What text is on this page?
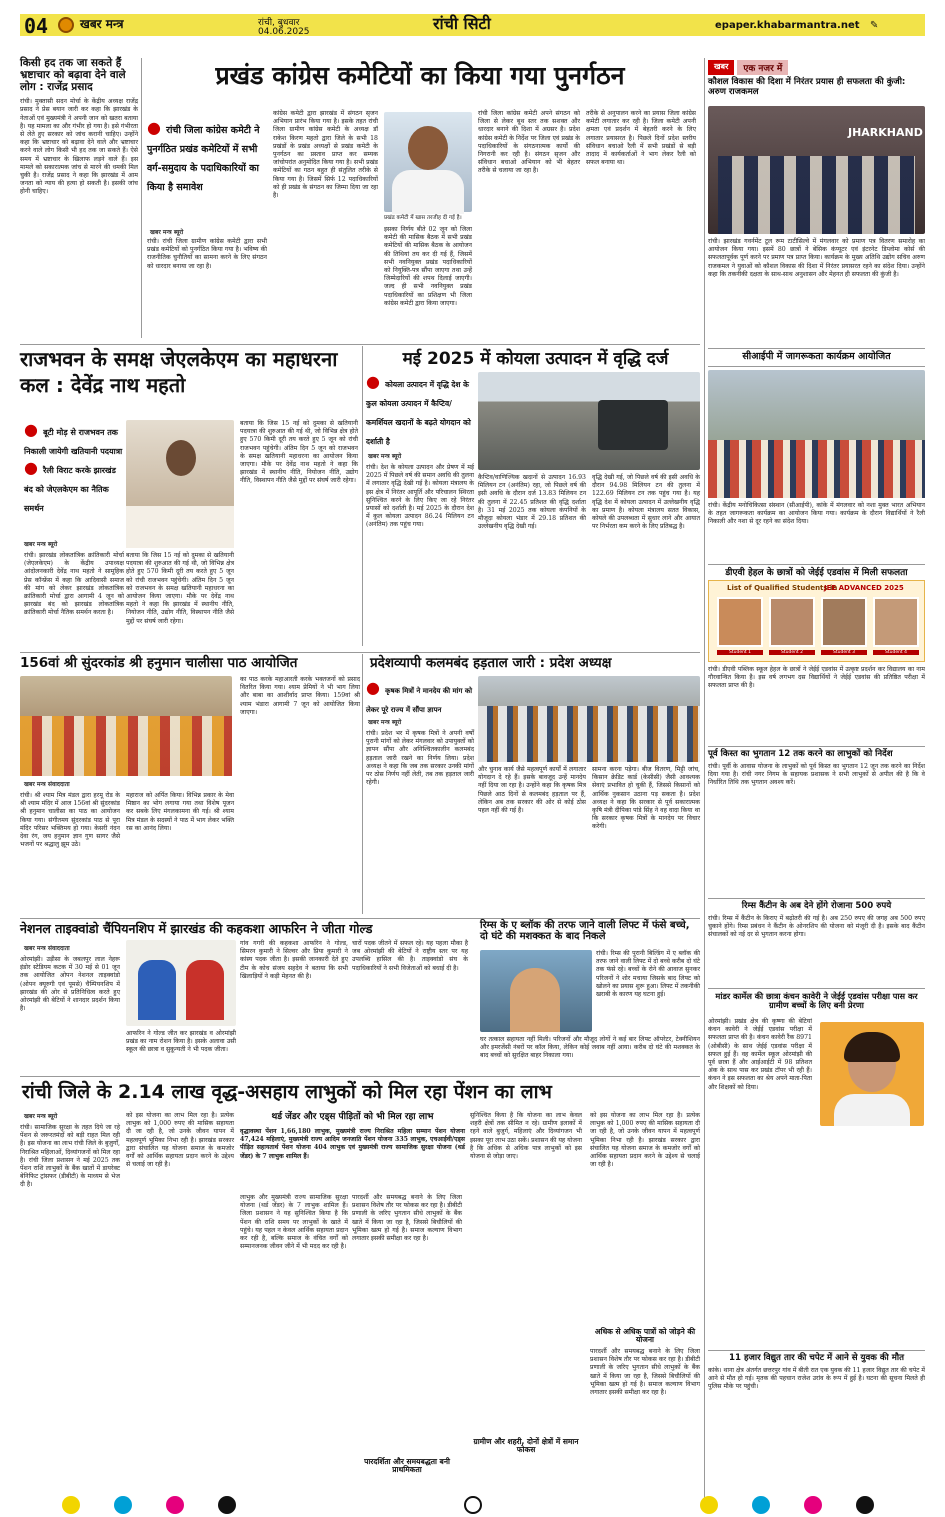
04	खबर मन्त्र	रांची, बुधवार
04.06.2025	रांची सिटी	epaper.khabarmantra.net ✎
किसी हद तक जा सकते हैं भ्रष्टाचार को बढ़ावा देने वाले लोग : राजेंद्र प्रसाद
रांची। मुक्तासी सदन मोर्चा के केंद्रीय अध्यक्ष राजेंद्र प्रसाद ने प्रेस बयान जारी कर कहा कि झारखंड के नेताओं एवं मुख्यमंत्री ने अपनी जान को खतरा बताया है। यह मामला का और गंभीर हो गया है। इसे गंभीरता से लेते हुए सरकार को जांच करानी चाहिए। उन्होंने कहा कि भ्रष्टाचार को बढ़ावा देने वाले और भ्रष्टाचार करने वाले लोग किसी भी हद तक जा सकते हैं। ऐसे समय में भ्रष्टाचार के खिलाफ लड़ने वाले हैं। इस मामले को सकारात्मक जांच से मारने की धमकी मिल चुकी है। राजेंद्र प्रसाद ने कहा कि झारखंड में आम जनता को न्याय की हत्या हो सकती है। इसकी जांच होनी चाहिए।
प्रखंड कांग्रेस कमेटियों का किया गया पुनर्गठन
● रांची जिला कांग्रेस कमेटी ने पुनर्गठित प्रखंड कमेटियों में सभी वर्ग-समुदाय के पदाधिकारियों का किया है समावेश
खबर मन्त्र ब्यूरो
रांची। रांची जिला ग्रामीण कांग्रेस कमेटी द्वारा सभी प्रखंड कमेटियों को पुनर्गठित किया गया है। भविष्य की राजनीतिक चुनौतियों का सामना करने के लिए संगठन को धारदार बनाया जा रहा है।
कांग्रेस कमेटी द्वारा झारखंड में संगठन सृजन अभियान प्रारंभ किया गया है। इसके तहत रांची जिला ग्रामीण कांग्रेस कमेटी के अध्यक्ष डॉ राकेश किरण महतो द्वारा जिले के सभी 18 प्रखंडों के प्रखंड अध्यक्षों से प्रखंड कमेटी के पुनर्गठन का प्रस्ताव प्राप्त कर सम्यक जांचोपरांत अनुमोदित किया गया है। सभी प्रखंड कमेटियों का गठन बहुत ही संतुलित तरीके से किया गया है। जिसमें सिर्फ 12 पदाधिकारियों को ही प्रखंड के संगठन का जिम्मा दिया जा रहा है।
प्रखंड कमेटी में खास तरजीह दी गई है।
इसका निर्णय बीते 02 जून को जिला कमेटी की मासिक बैठक में सभी प्रखंड कमेटियों की मासिक बैठक के आयोजन की तिथियां तय कर दी गई हैं, जिसमें सभी नवनियुक्त प्रखंड पदाधिकारियों को नियुक्ति-पत्र सौंपा जाएगा तथा उन्हें जिम्मेदारियों की शपथ दिलाई जाएगी। जल्द ही सभी नवनियुक्त प्रखंड पदाधिकारियों का प्रशिक्षण भी जिला कांग्रेस कमेटी द्वारा किया जाएगा।
रांची जिला कांग्रेस कमेटी अपने संगठन को जिला से लेकर बूथ स्तर तक सशक्त और धारदार बनाने की दिशा में अग्रसर है। प्रदेश कांग्रेस कमेटी के निर्देश पर जिला एवं प्रखंड के पदाधिकारियों के संगठनात्मक कार्यों की निगरानी कर रही है। संगठन सृजन और संविधान बचाओ अभियान को भी बेहतर तरीके से चलाया जा रहा है।
तरीके से अनुपालन करने का प्रयास जिला कांग्रेस कमेटी लगातार कर रही है। जिला कमेटी अपनी क्षमता एवं प्रदर्शन में बेहतरी करने के लिए लगातार प्रयासरत है। पिछले दिनों प्रदेश स्तरीय संविधान बचाओ रैली में सभी प्रखंडों से बड़ी तादाद में कार्यकर्ताओं ने भाग लेकर रैली को सफल बनाया था।
खबर	एक नजर में
कौशल विकास की दिशा में निरंतर प्रयास ही सफलता की कुंजी: अरुण राजकमल
JHARKHAND
रांची। झारखंड गवर्नमेंट टूल रूम टाटीसिल्वे में मंगलवार को प्रमाण पत्र वितरण समारोह का आयोजन किया गया। इसमें 80 छात्रों ने बेसिक कंप्यूटर एवं इंटरनेट डिप्लोमा कोर्स की सफलतापूर्वक पूर्ण करने पर प्रमाण पत्र प्राप्त किया। कार्यक्रम के मुख्य अतिथि उद्योग सचिव अरुण राजकमल ने युवाओं को कौशल विकास की दिशा में निरंतर प्रयासरत रहने का संदेश दिया। उन्होंने कहा कि तकनीकी दक्षता के साथ-साथ अनुशासन और मेहनत ही सफलता की कुंजी है।
सीआईपी में जागरूकता कार्यक्रम आयोजित
रांची। केंद्रीय मनोचिकित्सा संस्थान (सीआईपी), कांके में मंगलवार को नशा मुक्त भारत अभियान के तहत जागरूकता कार्यक्रम का आयोजन किया गया। कार्यक्रम के दौरान विद्यार्थियों ने रैली निकाली और नशा से दूर रहने का संदेश दिया।
डीएवी हेहल के छात्रों को जेईई एडवांस में मिली सफलता
List of Qualified Students in
JEE ADVANCED 2025
Student 1	Student 2	Student 3	Student 4
रांची। डीएवी पब्लिक स्कूल हेहल के छात्रों ने जेईई एडवांस में उत्कृष्ट प्रदर्शन कर विद्यालय का नाम गौरवान्वित किया है। इस वर्ष लगभग दस विद्यार्थियों ने जेईई एडवांस की प्रतिष्ठित परीक्षा में सफलता प्राप्त की है।
पूर्व किस्त का भुगतान 12 तक करने का लाभुकों को निर्देश
रांची। पूर्वी के आवास योजना के लाभुकों को पूर्व किस्त का भुगतान 12 जून तक करने का निर्देश दिया गया है। रांची नगर निगम के सहायक प्रशासक ने सभी लाभुकों से अपील की है कि वे निर्धारित तिथि तक भुगतान अवश्य करें।
रिम्स कैंटीन के अब देने होंगे रोजाना 500 रुपये
रांची। रिम्स में कैंटीन के किराए में बढ़ोतरी की गई है। अब 250 रुपए की जगह अब 500 रुपए चुकाने होंगे। रिम्स प्रबंधन ने कैंटीन के ओनरशिप की योजना को मंजूरी दी है। इसके बाद कैंटीन संचालकों को नई दर से भुगतान करना होगा।
मांडर कार्मेल की छात्रा कंचन कावेरी ने जेईई एडवांस परीक्षा पास कर ग्रामीण बच्चों के लिए बनी प्रेरणा
ओरमांझी। प्रखंड क्षेत्र की कृष्णा की बेटियां कंचन कावेरी ने जेईई एडवांस परीक्षा में सफलता प्राप्त की है। कंचन कावेरी रैंक 8971 (ओबीसी) के साथ जेईई एडवांस परीक्षा में सफल हुई हैं। वह कार्मेल स्कूल ओरमांझी की पूर्व छात्रा हैं और आईआईटी में 98 प्रतिशत अंक के साथ पास कर प्रखंड टॉपर भी रही हैं। कंचन ने इस सफलता का श्रेय अपने माता-पिता और शिक्षकों को दिया।
11 हजार विद्युत तार की चपेट में आने से युवक की मौत
कांके। थाना क्षेत्र अंतर्गत छत्तरपुर गांव में बीती रात एक युवक की 11 हजार विद्युत तार की चपेट में आने से मौत हो गई। मृतक की पहचान राजेश उरांव के रूप में हुई है। घटना की सूचना मिलते ही पुलिस मौके पर पहुंची।
राजभवन के समक्ष जेएलकेएम का महाधरना कल : देवेंद्र नाथ महतो
● बूटी मोड़ से राजभवन तक निकाली जायेगी खतियानी पदयात्रा
● रैली विराट करके झारखंड बंद को जेएलकेएम का नैतिक समर्थन
खबर मन्त्र ब्यूरो
रांची। झारखंड लोकतांत्रिक क्रांतिकारी मोर्चा (जेएलकेएम) के केंद्रीय उपाध्यक्ष आंदोलनकारी देवेंद्र नाथ महतो ने सामूहिक प्रेस कॉन्फ्रेंस में कहा कि आदिवासी समाज की मांग को लेकर झारखंड लोकतांत्रिक क्रांतिकारी मोर्चा द्वारा आगामी 4 जून को झारखंड बंद को झारखंड लोकतांत्रिक क्रांतिकारी मोर्चा नैतिक समर्थन करता है।
बताया कि जिस 15 नई को दुमका से खतियानी पदयात्रा की शुरुआत की गई थी, जो विभिन्न क्षेत्र होते हुए 570 किमी दूरी तय करते हुए 5 जून को रांची राजभवन पहुंचेगी। अंतिम दिन 5 जून को राजभवन के समक्ष खतियानी महाधरना का आयोजन किया जाएगा। मौके पर देवेंद्र नाथ महतो ने कहा कि झारखंड में स्थानीय नीति, नियोजन नीति, उद्योग नीति, विस्थापन नीति जैसे मुद्दों पर संघर्ष जारी रहेगा।
बताया कि जिस 15 नई को दुमका से खतियानी पदयात्रा की शुरुआत की गई थी, जो विभिन्न क्षेत्र होते हुए 570 किमी दूरी तय करते हुए 5 जून को रांची राजभवन पहुंचेगी। अंतिम दिन 5 जून को राजभवन के समक्ष खतियानी महाधरना का आयोजन किया जाएगा। मौके पर देवेंद्र नाथ महतो ने कहा कि झारखंड में स्थानीय नीति, नियोजन नीति, उद्योग नीति, विस्थापन नीति जैसे मुद्दों पर संघर्ष जारी रहेगा।
मई 2025 में कोयला उत्पादन में वृद्धि दर्ज
● कोयला उत्पादन में वृद्धि देश के कुल कोयला उत्पादन में कैप्टिव/कमर्शियल खदानों के बढ़ते योगदान को दर्शाती है
खबर मन्त्र ब्यूरो
रांची। देश के कोयला उत्पादन और प्रेषण में मई 2025 में पिछले वर्ष की समान अवधि की तुलना में लगातार वृद्धि देखी गई है। कोयला मंत्रालय के इस क्षेत्र में निरंतर आपूर्ति और परिचालन स्थिरता सुनिश्चित करने के लिए किए जा रहे निरंतर प्रयासों को दर्शाती है। मई 2025 के दौरान देश में कुल कोयला उत्पादन 86.24 मिलियन टन (अनंतिम) तक पहुंच गया।
कैप्टिव/वाणिज्यिक खदानों से उत्पादन 16.93 मिलियन टन (अनंतिम) रहा, जो पिछले वर्ष की इसी अवधि के दौरान दर्ज 13.83 मिलियन टन की तुलना में 22.45 प्रतिशत की वृद्धि दर्शाता है। 31 मई 2025 तक कोयला कंपनियों के मौजूदा कोयला भंडार में 29.18 प्रतिशत की उल्लेखनीय वृद्धि देखी गई।
वृद्धि देखी गई, जो पिछले वर्ष की इसी अवधि के दौरान 94.98 मिलियन टन की तुलना में 122.69 मिलियन टन तक पहुंच गया है। यह वृद्धि देश में कोयला उत्पादन में उल्लेखनीय वृद्धि का प्रमाण है। कोयला मंत्रालय सतत विकास, कोयले की उपलब्धता में सुधार लाने और आयात पर निर्भरता कम करने के लिए प्रतिबद्ध है।
156वां श्री सुंदरकांड श्री हनुमान चालीसा पाठ आयोजित
खबर मन्त्र संवाददाता
रांची। श्री श्याम मित्र मंडल द्वारा हरमू रोड के श्री श्याम मंदिर में आज 156वां श्री सुंदरकांड श्री हनुमान चालीसा का पाठ का आयोजन किया गया। संगीतमय सुंदरकांड पाठ से पूरा मंदिर परिसर भक्तिमय हो गया। केसरी नंदन देवा रंग, जय हनुमान ज्ञान गुण सागर जैसे भजनों पर श्रद्धालु झूम उठे।
महाराज को अर्पित किया। विभिन्न प्रकार के मेवा मिष्ठान का भोग लगाया गया तथा विशेष पूजन कर सबके लिए मंगलकामना की गई। श्री श्याम मित्र मंडल के सदस्यों ने पाठ में भाग लेकर भक्ति रस का आनंद लिया।
का पाठ करके महाआरती करके भक्तजनों को प्रसाद वितरित किया गया। श्याम प्रेमियों ने भी भाग लिया और बाबा का आशीर्वाद प्राप्त किया। 159वां श्री श्याम भंडारा आगामी 7 जून को आयोजित किया जाएगा।
प्रदेशव्यापी कलमबंद हड़ताल जारी : प्रदेश अध्यक्ष
● कृषक मित्रों ने मानदेय की मांग को लेकर पूरे राज्य में सौंपा ज्ञापन
खबर मन्त्र ब्यूरो
रांची। प्रदेश भर में कृषक मित्रों ने अपनी वर्षों पुरानी मांगों को लेकर मंगलवार को उपायुक्तों को ज्ञापन सौंपा और अनिश्चितकालीन कलमबंद हड़ताल जारी रखने का निर्णय लिया। प्रदेश अध्यक्ष ने कहा कि जब तक सरकार उनकी मांगों पर ठोस निर्णय नहीं लेती, तब तक हड़ताल जारी रहेगी।
और चुनाव कार्य जैसे महत्वपूर्ण कार्यों में लगातार योगदान दे रहे हैं। इसके बावजूद उन्हें मानदेय नहीं दिया जा रहा है। उन्होंने कहा कि कृषक मित्र पिछले आठ दिनों से कलमबंद हड़ताल पर हैं, लेकिन अब तक सरकार की ओर से कोई ठोस पहल नहीं की गई है।
सामना करना पड़ेगा। बीज वितरण, मिट्टी जांच, किसान क्रेडिट कार्ड (केसीसी) जैसी आवश्यक सेवाएं प्रभावित हो चुकी हैं, जिससे किसानों को आर्थिक नुकसान उठाना पड़ सकता है। प्रदेश अध्यक्ष ने कहा कि सरकार से पूर्व सकारात्मक कृषि मंत्री दीपिका पांडे सिंह ने वह वादा किया था कि सरकार कृषक मित्रों के मानदेय पर विचार करेगी।
नेशनल ताइक्वांडो चैंपियनशिप में झारखंड की कहकशा आफरिन ने जीता गोल्ड
खबर मन्त्र संवाददाता
ओरमांझी। उड़ीसा के जबलपुर लाल नेहरू इंडोर स्टेडियम कटक में 30 मई से 01 जून तक आयोजित ओपन नेशनल ताइक्वांडो (ओपन क्यूरुगी एवं पूमसे) चैम्पियनशिप में झारखंड की ओर से प्रतिनिधित्व करते हुए ओरमांझी की बेटियों ने शानदार प्रदर्शन किया है।
आफरिन ने गोल्ड जीत कर झारखंड व ओरमांझी प्रखंड का नाम रोशन किया है। इसके अलावा उसी स्कूल की छात्रा व सुकून्यती ने भी पदक जीता।
गांव गगरी की कहकशा आफरिन ने गोल्ड, सिमरन कुमारी ने सिल्वर और प्रिया कुमारी ने कांस्य पदक जीता है। इसकी जानकारी देते हुए टीम के कोच संजय सहदेव ने बताया कि सभी खिलाड़ियों ने कड़ी मेहनत की है।
चारों पदक जीतने में सफल रहे। यह पहला मौका है जब ओरमांझी की बेटियों ने राष्ट्रीय स्तर पर यह उपलब्धि हासिल की है। ताइक्वांडो संघ के पदाधिकारियों ने सभी विजेताओं को बधाई दी है।
रिम्स के ए ब्लॉक की तरफ जाने वाली लिफ्ट में फंसे बच्चे, दो घंटे की मशक्कत के बाद निकले
रांची। रिम्स की पुरानी बिल्डिंग में ए ब्लॉक की तरफ जाने वाली लिफ्ट में दो बच्चे करीब दो घंटे तक फंसे रहे। बच्चों के रोने की आवाज सुनकर परिजनों ने शोर मचाया जिसके बाद लिफ्ट को खोलने का प्रयास शुरू हुआ। लिफ्ट में तकनीकी खराबी के कारण यह घटना हुई।
घर तत्काल सहायता नहीं मिली। परिजनों और मौजूद लोगों ने कई बार लिफ्ट ऑपरेटर, टेक्नीशियन और इमरजेंसी नंबरों पर कॉल किया, लेकिन कोई जवाब नहीं आया। करीब दो घंटे की मशक्कत के बाद बच्चों को सुरक्षित बाहर निकाला गया।
रांची जिले के 2.14 लाख वृद्ध-असहाय लाभुकों को मिल रहा पेंशन का लाभ
खबर मन्त्र ब्यूरो
रांची। सामाजिक सुरक्षा के तहत दिये जा रहे पेंशन से जरूरतमंदों को बड़ी राहत मिल रही है। इस योजना का लाभ रांची जिले के बुजुर्गों, निराश्रित महिलाओं, दिव्यांगजनों को मिल रहा है। रांची जिला प्रशासन ने मई 2025 तक पेंशन राशि लाभुकों के बैंक खातों में डायरेक्ट बेनिफिट ट्रांसफर (डीबीटी) के माध्यम से भेज दी है।
को इस योजना का लाभ मिल रहा है। प्रत्येक लाभुक को 1,000 रुपए की मासिक सहायता दी जा रही है, जो उनके जीवन यापन में महत्वपूर्ण भूमिका निभा रही है। झारखंड सरकार द्वारा संचालित यह योजना समाज के कमजोर वर्गों को आर्थिक सहायता प्रदान करने के उद्देश्य से चलाई जा रही है।
थर्ड जेंडर और एड्स पीड़ितों को भी मिल रहा लाभ
वृद्धावस्था पेंशन 1,66,180 लाभुक, मुख्यमंत्री राज्य निराश्रित महिला सम्मान पेंशन योजना 47,424 महिलाएं, मुख्यमंत्री राज्य आदिम जनजाति पेंशन योजना 335 लाभुक, एचआईवी/एड्स पीड़ित सहायतार्थ पेंशन योजना 404 लाभुक एवं मुख्यमंत्री राज्य सामाजिक सुरक्षा योजना (थर्ड जेंडर) के 7 लाभुक शामिल हैं।
लाभुक और मुख्यमंत्री राज्य सामाजिक सुरक्षा योजना (थर्ड जेंडर) के 7 लाभुक शामिल हैं। जिला प्रशासन ने यह सुनिश्चित किया है कि पेंशन की राशि समय पर लाभुकों के खाते में पहुंचे। यह पहल न केवल आर्थिक सहायता प्रदान कर रही है, बल्कि समाज के वंचित वर्गों को सम्मानजनक जीवन जीने में भी मदद कर रही है।
पारदर्शी और समयबद्ध बनाने के लिए जिला प्रशासन विशेष तौर पर फोकस कर रहा है। डीबीटी प्रणाली के जरिए भुगतान सीधे लाभुकों के बैंक खाते में किया जा रहा है, जिससे बिचौलियों की भूमिका खत्म हो गई है। समाज कल्याण विभाग लगातार इसकी समीक्षा कर रहा है।
पारदर्शिता और समयबद्धता बनी प्राथमिकता
सुनिश्चित किया है कि योजना का लाभ केवल शहरी क्षेत्रों तक सीमित न रहे। ग्रामीण इलाकों में रहने वाले बुजुर्ग, महिलाएं और दिव्यांगजन भी इसका पूरा लाभ उठा सकें। प्रशासन की यह योजना है कि अधिक से अधिक पात्र लाभुकों को इस योजना से जोड़ा जाए।
अधिक से अधिक पात्रों को जोड़ने की योजना
ग्रामीण और शहरी, दोनों क्षेत्रों में समान फोकस
को इस योजना का लाभ मिल रहा है। प्रत्येक लाभुक को 1,000 रुपए की मासिक सहायता दी जा रही है, जो उनके जीवन यापन में महत्वपूर्ण भूमिका निभा रही है। झारखंड सरकार द्वारा संचालित यह योजना समाज के कमजोर वर्गों को आर्थिक सहायता प्रदान करने के उद्देश्य से चलाई जा रही है।
पारदर्शी और समयबद्ध बनाने के लिए जिला प्रशासन विशेष तौर पर फोकस कर रहा है। डीबीटी प्रणाली के जरिए भुगतान सीधे लाभुकों के बैंक खाते में किया जा रहा है, जिससे बिचौलियों की भूमिका खत्म हो गई है। समाज कल्याण विभाग लगातार इसकी समीक्षा कर रहा है।
